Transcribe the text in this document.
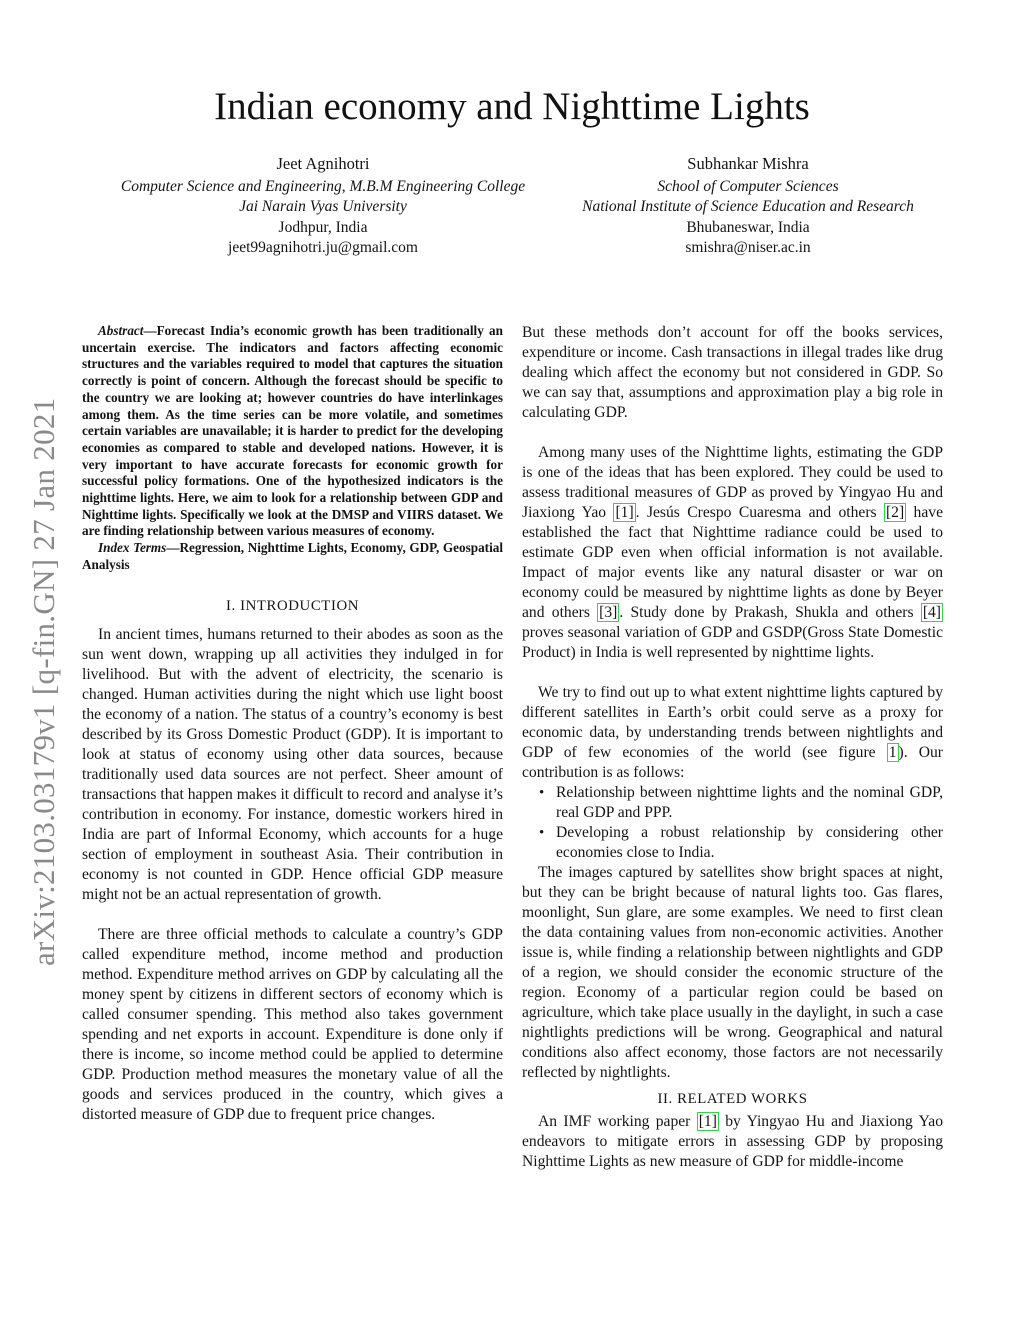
Indian economy and Nighttime Lights
Jeet Agnihotri
Computer Science and Engineering, M.B.M Engineering College
Jai Narain Vyas University
Jodhpur, India
jeet99agnihotri.ju@gmail.com
Subhankar Mishra
School of Computer Sciences
National Institute of Science Education and Research
Bhubaneswar, India
smishra@niser.ac.in
arXiv:2103.03179v1 [q-fin.GN] 27 Jan 2021

Abstract—Forecast India’s economic growth has been traditionally an uncertain exercise. The indicators and factors affecting economic structures and the variables required to model that captures the situation correctly is point of concern. Although the forecast should be specific to the country we are looking at; however countries do have interlinkages among them. As the time series can be more volatile, and sometimes certain variables are unavailable; it is harder to predict for the developing economies as compared to stable and developed nations. However, it is very important to have accurate forecasts for economic growth for successful policy formations. One of the hypothesized indicators is the nighttime lights. Here, we aim to look for a relationship between GDP and Nighttime lights. Specifically we look at the DMSP and VIIRS dataset. We are finding relationship between various measures of economy.

Index Terms—Regression, Nighttime Lights, Economy, GDP, Geospatial Analysis

I. INTRODUCTION

In ancient times, humans returned to their abodes as soon as the sun went down, wrapping up all activities they indulged in for livelihood. But with the advent of electricity, the scenario is changed. Human activities during the night which use light boost the economy of a nation. The status of a country’s economy is best described by its Gross Domestic Product (GDP). It is important to look at status of economy using other data sources, because traditionally used data sources are not perfect. Sheer amount of transactions that happen makes it difficult to record and analyse it’s contribution in economy. For instance, domestic workers hired in India are part of Informal Economy, which accounts for a huge section of employment in southeast Asia. Their contribution in economy is not counted in GDP. Hence official GDP measure might not be an actual representation of growth.

There are three official methods to calculate a country’s GDP called expenditure method, income method and production method. Expenditure method arrives on GDP by calculating all the money spent by citizens in different sectors of economy which is called consumer spending. This method also takes government spending and net exports in account. Expenditure is done only if there is income, so income method could be applied to determine GDP. Production method measures the monetary value of all the goods and services produced in the country, which gives a distorted measure of GDP due to frequent price changes.

But these methods don’t account for off the books services, expenditure or income. Cash transactions in illegal trades like drug dealing which affect the economy but not considered in GDP. So we can say that, assumptions and approximation play a big role in calculating GDP.

Among many uses of the Nighttime lights, estimating the GDP is one of the ideas that has been explored. They could be used to assess traditional measures of GDP as proved by Yingyao Hu and Jiaxiong Yao [1] . Jesús Crespo Cuaresma and others [2] have established the fact that Nighttime radiance could be used to estimate GDP even when official information is not available. Impact of major events like any natural disaster or war on economy could be measured by nighttime lights as done by Beyer and others [3] . Study done by Prakash, Shukla and others [4] proves seasonal variation of GDP and GSDP(Gross State Domestic Product) in India is well represented by nighttime lights.

We try to find out up to what extent nighttime lights captured by different satellites in Earth’s orbit could serve as a proxy for economic data, by understanding trends between nightlights and GDP of few economies of the world (see figure 1 ). Our contribution is as follows:

• Relationship between nighttime lights and the nominal GDP, real GDP and PPP.
• Developing a robust relationship by considering other economies close to India.

The images captured by satellites show bright spaces at night, but they can be bright because of natural lights too. Gas flares, moonlight, Sun glare, are some examples. We need to first clean the data containing values from non-economic activities. Another issue is, while finding a relationship between nightlights and GDP of a region, we should consider the economic structure of the region. Economy of a particular region could be based on agriculture, which take place usually in the daylight, in such a case nightlights predictions will be wrong. Geographical and natural conditions also affect economy, those factors are not necessarily reflected by nightlights.

II. RELATED WORKS

An IMF working paper [1] by Yingyao Hu and Jiaxiong Yao endeavors to mitigate errors in assessing GDP by proposing Nighttime Lights as new measure of GDP for middle-income
